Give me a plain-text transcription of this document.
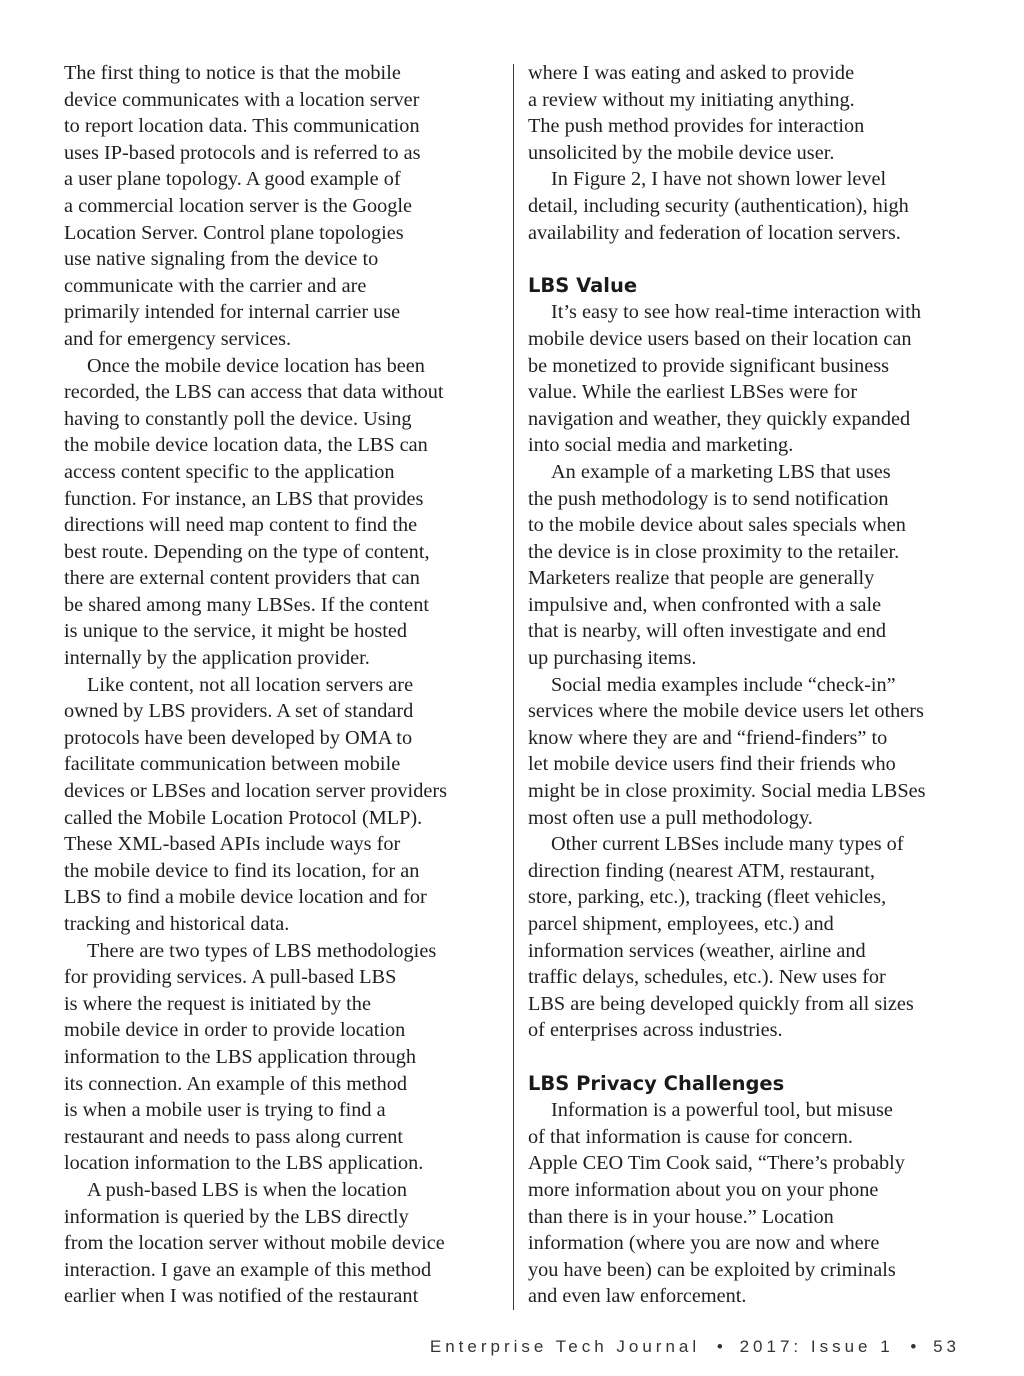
The first thing to notice is that the mobile
device communicates with a location server
to report location data. This communication
uses IP-based protocols and is referred to as
a user plane topology. A good example of
a commercial location server is the Google
Location Server. Control plane topologies
use native signaling from the device to
communicate with the carrier and are
primarily intended for internal carrier use
and for emergency services.

Once the mobile device location has been
recorded, the LBS can access that data without
having to constantly poll the device. Using
the mobile device location data, the LBS can
access content specific to the application
function. For instance, an LBS that provides
directions will need map content to find the
best route. Depending on the type of content,
there are external content providers that can
be shared among many LBSes. If the content
is unique to the service, it might be hosted
internally by the application provider.

Like content, not all location servers are
owned by LBS providers. A set of standard
protocols have been developed by OMA to
facilitate communication between mobile
devices or LBSes and location server providers
called the Mobile Location Protocol (MLP).
These XML-based APIs include ways for
the mobile device to find its location, for an
LBS to find a mobile device location and for
tracking and historical data.

There are two types of LBS methodologies
for providing services. A pull-based LBS
is where the request is initiated by the
mobile device in order to provide location
information to the LBS application through
its connection. An example of this method
is when a mobile user is trying to find a
restaurant and needs to pass along current
location information to the LBS application.

A push-based LBS is when the location
information is queried by the LBS directly
from the location server without mobile device
interaction. I gave an example of this method
earlier when I was notified of the restaurant

where I was eating and asked to provide
a review without my initiating anything.
The push method provides for interaction
unsolicited by the mobile device user.

In Figure 2, I have not shown lower level
detail, including security (authentication), high
availability and federation of location servers.

LBS Value

It’s easy to see how real-time interaction with
mobile device users based on their location can
be monetized to provide significant business
value. While the earliest LBSes were for
navigation and weather, they quickly expanded
into social media and marketing.

An example of a marketing LBS that uses
the push methodology is to send notification
to the mobile device about sales specials when
the device is in close proximity to the retailer.
Marketers realize that people are generally
impulsive and, when confronted with a sale
that is nearby, will often investigate and end
up purchasing items.

Social media examples include “check-in”
services where the mobile device users let others
know where they are and “friend-finders” to
let mobile device users find their friends who
might be in close proximity. Social media LBSes
most often use a pull methodology.

Other current LBSes include many types of
direction finding (nearest ATM, restaurant,
store, parking, etc.), tracking (fleet vehicles,
parcel shipment, employees, etc.) and
information services (weather, airline and
traffic delays, schedules, etc.). New uses for
LBS are being developed quickly from all sizes
of enterprises across industries.

LBS Privacy Challenges

Information is a powerful tool, but misuse
of that information is cause for concern.
Apple CEO Tim Cook said, “There’s probably
more information about you on your phone
than there is in your house.” Location
information (where you are now and where
you have been) can be exploited by criminals
and even law enforcement.

Enterprise Tech Journal • 2017: Issue 1 • 53
